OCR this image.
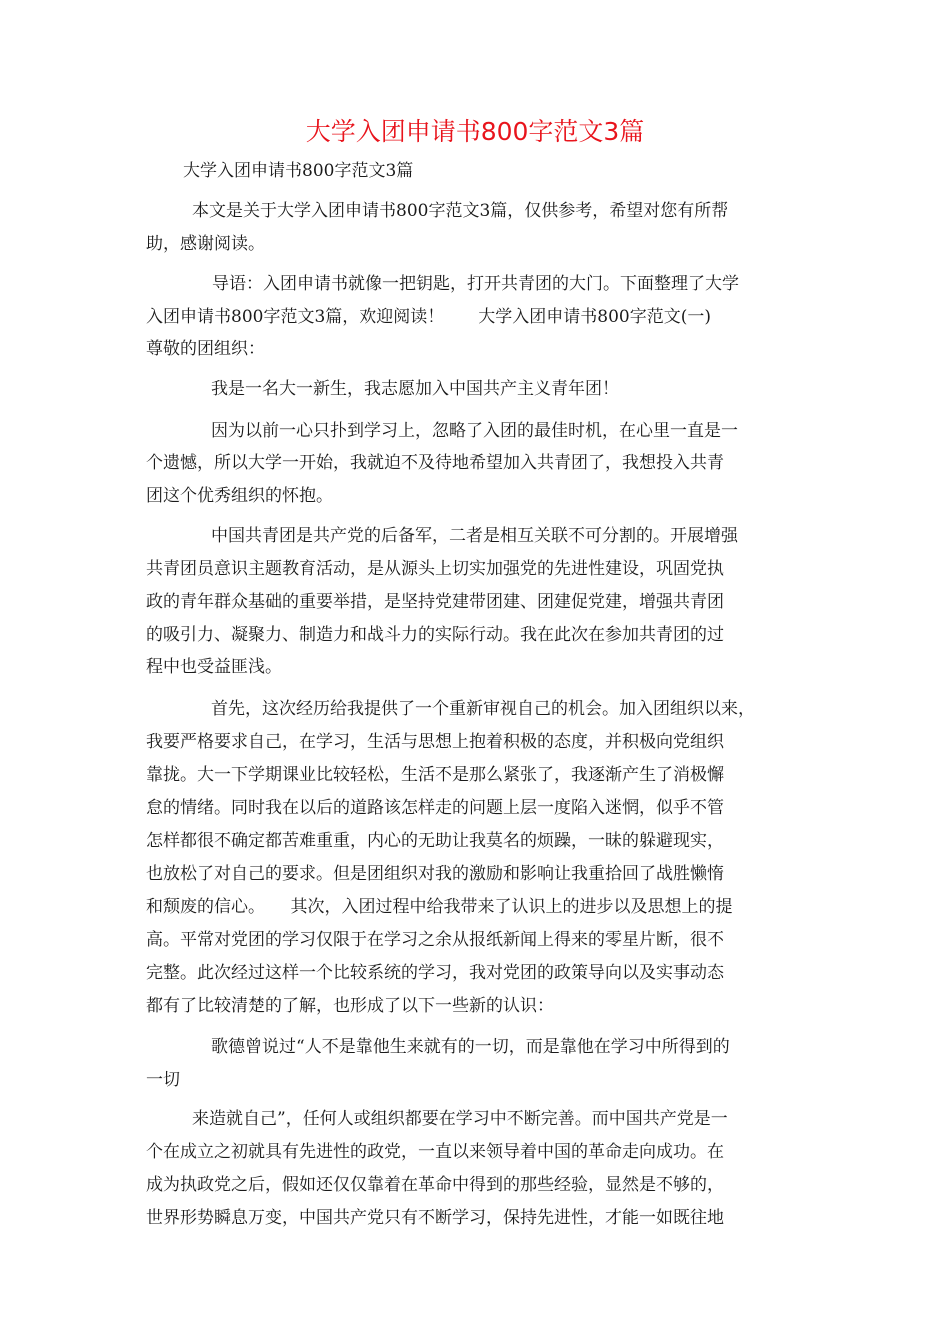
大学入团申请书800字范文3篇
大学入团申请书800字范文3篇
本文是关于大学入团申请书800字范文3篇，仅供参考，希望对您有所帮
助，感谢阅读。
导语：入团申请书就像一把钥匙，打开共青团的大门。下面整理了大学
入团申请书800字范文3篇，欢迎阅读！　　大学入团申请书800字范文(一)
尊敬的团组织：
我是一名大一新生，我志愿加入中国共产主义青年团！
因为以前一心只扑到学习上，忽略了入团的最佳时机，在心里一直是一
个遗憾，所以大学一开始，我就迫不及待地希望加入共青团了，我想投入共青
团这个优秀组织的怀抱。
中国共青团是共产党的后备军，二者是相互关联不可分割的。开展增强
共青团员意识主题教育活动，是从源头上切实加强党的先进性建设，巩固党执
政的青年群众基础的重要举措，是坚持党建带团建、团建促党建，增强共青团
的吸引力、凝聚力、制造力和战斗力的实际行动。我在此次在参加共青团的过
程中也受益匪浅。
首先，这次经历给我提供了一个重新审视自己的机会。加入团组织以来，
我要严格要求自己，在学习，生活与思想上抱着积极的态度，并积极向党组织
靠拢。大一下学期课业比较轻松，生活不是那么紧张了，我逐渐产生了消极懈
怠的情绪。同时我在以后的道路该怎样走的问题上层一度陷入迷惘，似乎不管
怎样都很不确定都苦难重重，内心的无助让我莫名的烦躁，一昧的躲避现实，
也放松了对自己的要求。但是团组织对我的激励和影响让我重拾回了战胜懒惰
和颓废的信心。　　其次，入团过程中给我带来了认识上的进步以及思想上的提
高。平常对党团的学习仅限于在学习之余从报纸新闻上得来的零星片断，很不
完整。此次经过这样一个比较系统的学习，我对党团的政策导向以及实事动态
都有了比较清楚的了解，也形成了以下一些新的认识：
歌德曾说过“人不是靠他生来就有的一切，而是靠他在学习中所得到的
一切
来造就自己”，任何人或组织都要在学习中不断完善。而中国共产党是一
个在成立之初就具有先进性的政党，一直以来领导着中国的革命走向成功。在
成为执政党之后，假如还仅仅靠着在革命中得到的那些经验，显然是不够的，
世界形势瞬息万变，中国共产党只有不断学习，保持先进性，才能一如既往地
